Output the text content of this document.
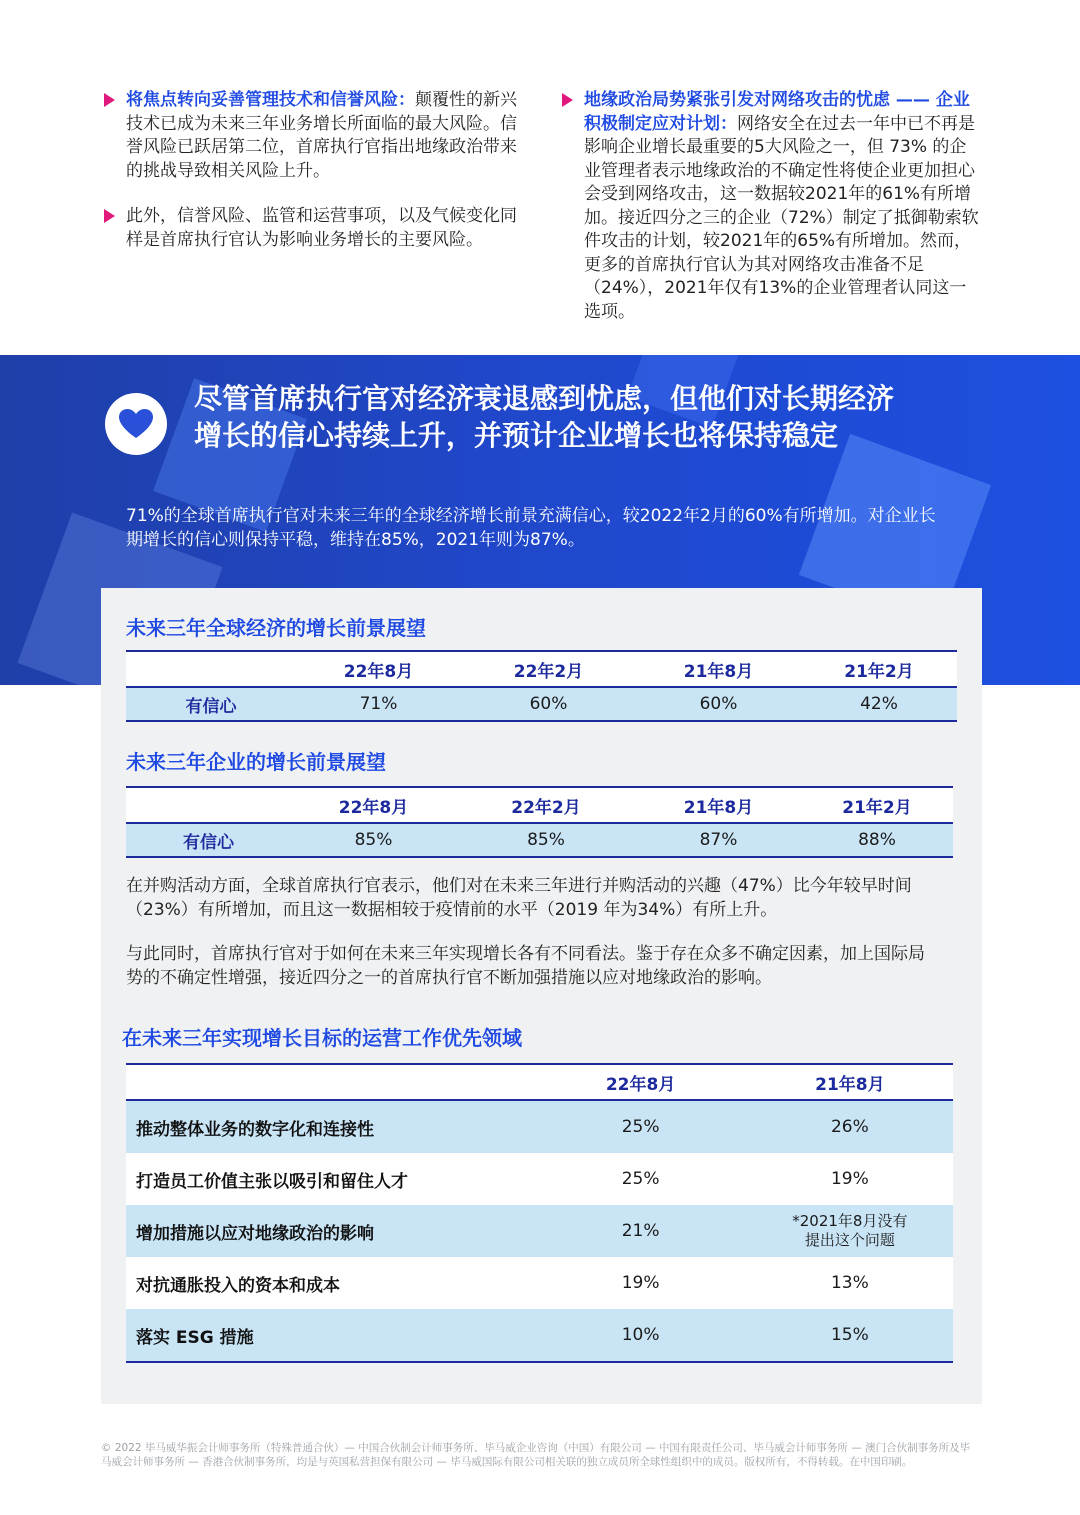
将焦点转向妥善管理技术和信誉风险：颠覆性的新兴技术已成为未来三年业务增长所面临的最大风险。信誉风险已跃居第二位，首席执行官指出地缘政治带来的挑战导致相关风险上升。
此外，信誉风险、监管和运营事项，以及气候变化同样是首席执行官认为影响业务增长的主要风险。
地缘政治局势紧张引发对网络攻击的忧虑 —— 企业积极制定应对计划：网络安全在过去一年中已不再是影响企业增长最重要的5大风险之一，但 73% 的企业管理者表示地缘政治的不确定性将使企业更加担心会受到网络攻击，这一数据较2021年的61%有所增加。接近四分之三的企业（72%）制定了抵御勒索软件攻击的计划，较2021年的65%有所增加。然而，更多的首席执行官认为其对网络攻击准备不足（24%），2021年仅有13%的企业管理者认同这一选项。
尽管首席执行官对经济衰退感到忧虑，但他们对长期经济增长的信心持续上升，并预计企业增长也将保持稳定
71%的全球首席执行官对未来三年的全球经济增长前景充满信心，较2022年2月的60%有所增加。对企业长期增长的信心则保持平稳，维持在85%，2021年则为87%。
未来三年全球经济的增长前景展望
	22年8月	22年2月	21年8月	21年2月
有信心	71%	60%	60%	42%
未来三年企业的增长前景展望
	22年8月	22年2月	21年8月	21年2月
有信心	85%	85%	87%	88%
在并购活动方面，全球首席执行官表示，他们对在未来三年进行并购活动的兴趣（47%）比今年较早时间（23%）有所增加，而且这一数据相较于疫情前的水平（2019 年为34%）有所上升。
与此同时，首席执行官对于如何在未来三年实现增长各有不同看法。鉴于存在众多不确定因素，加上国际局势的不确定性增强，接近四分之一的首席执行官不断加强措施以应对地缘政治的影响。
在未来三年实现增长目标的运营工作优先领域
	22年8月	21年8月
推动整体业务的数字化和连接性	25%	26%
打造员工价值主张以吸引和留住人才	25%	19%
增加措施以应对地缘政治的影响	21%	*2021年8月没有提出这个问题

对抗通胀投入的资本和成本	19%	13%
落实 ESG 措施	10%	15%
© 2022 毕马威华振会计师事务所（特殊普通合伙）— 中国合伙制会计师事务所、毕马威企业咨询（中国）有限公司 — 中国有限责任公司、毕马威会计师事务所 — 澳门合伙制事务所及毕马威会计师事务所 — 香港合伙制事务所，均是与英国私营担保有限公司 — 毕马威国际有限公司相关联的独立成员所全球性组织中的成员。版权所有，不得转载。在中国印刷。
